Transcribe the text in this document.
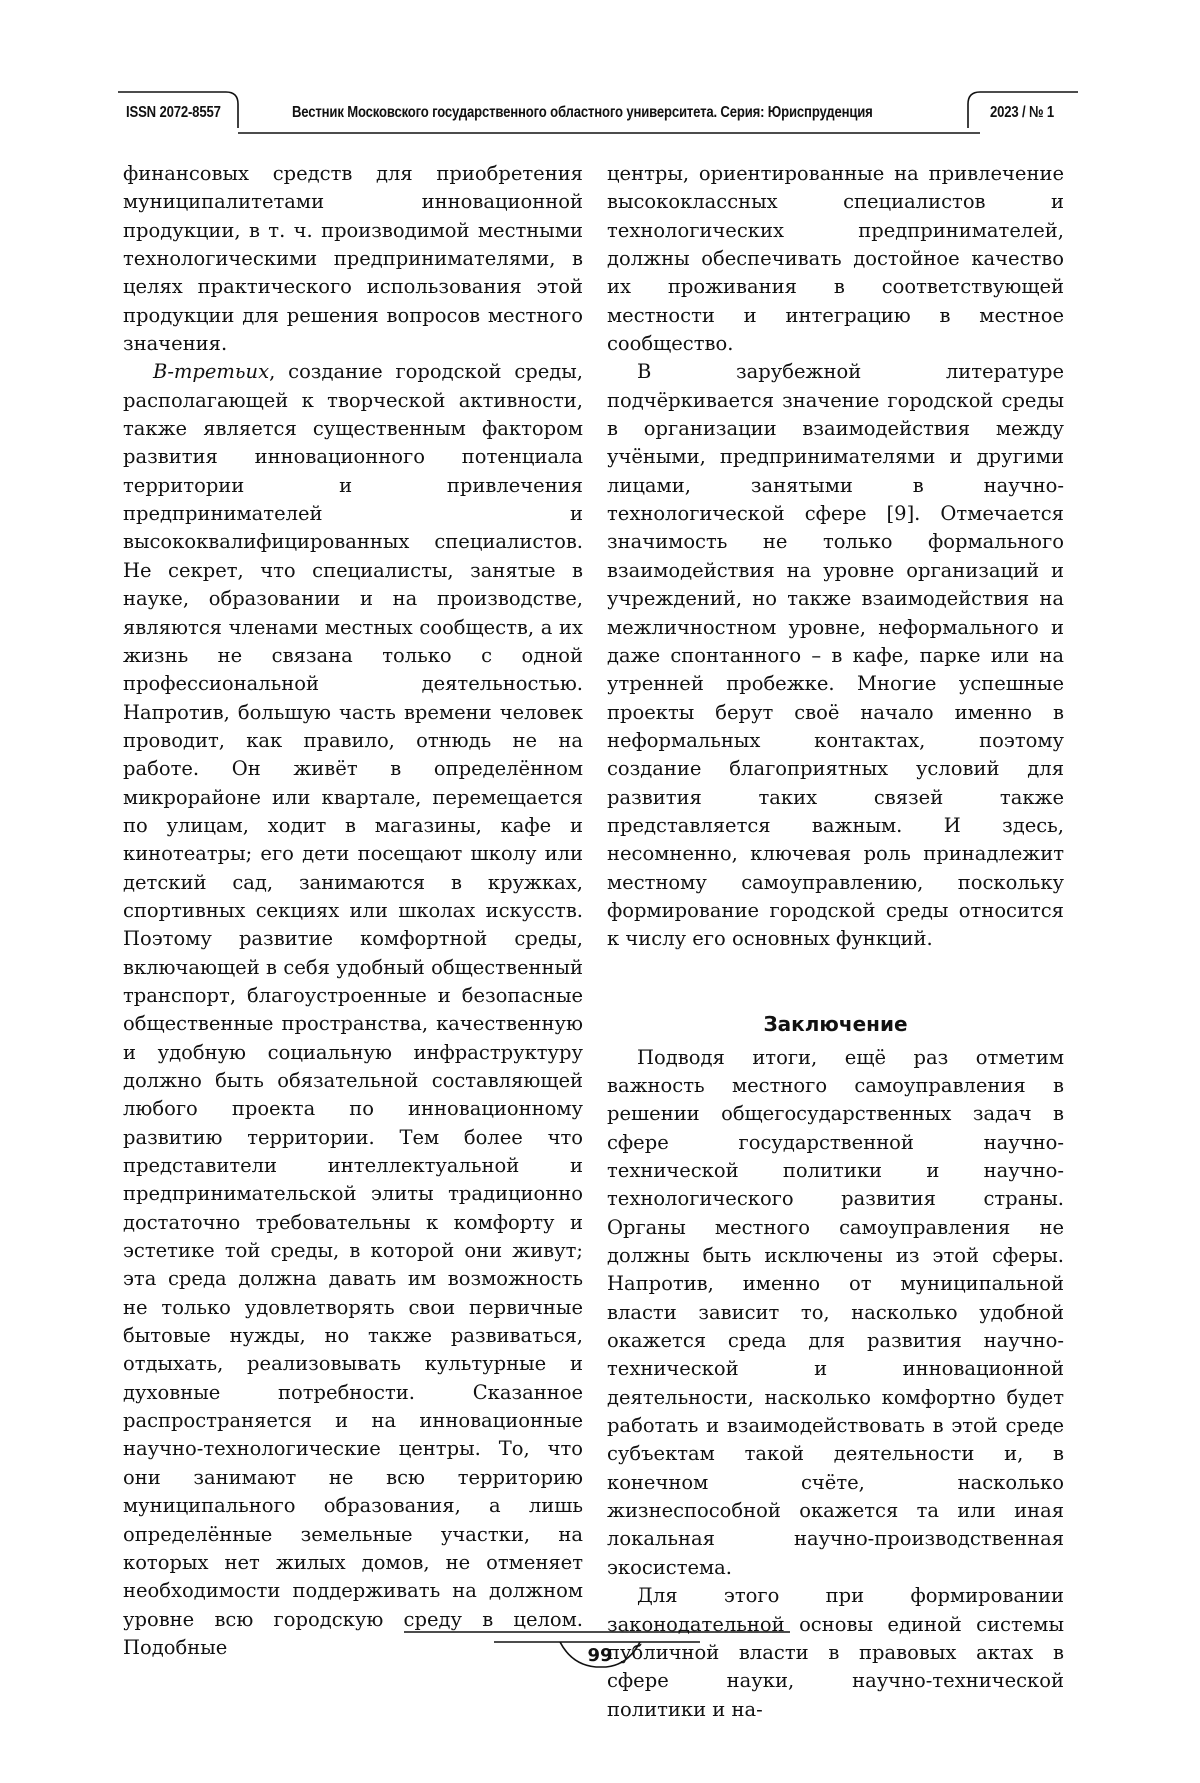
ISSN 2072-8557	Вестник Московского государственного областного университета. Серия: Юриспруденция	2023 / № 1

финансовых средств для приобретения муниципалитетами инновационной продукции, в т. ч. производимой местными технологическими предпринимателями, в целях практического использования этой продукции для решения вопросов местного значения.

В-третьих, создание городской среды, располагающей к творческой активности, также является существенным фактором развития инновационного потенциала территории и привлечения предпринимателей и высококвалифицированных специалистов. Не секрет, что специалисты, занятые в науке, образовании и на производстве, являются членами местных сообществ, а их жизнь не связана только с одной профессиональной деятельностью. Напротив, большую часть времени человек проводит, как правило, отнюдь не на работе. Он живёт в определённом микрорайоне или квартале, перемещается по улицам, ходит в магазины, кафе и кинотеатры; его дети посещают школу или детский сад, занимаются в кружках, спортивных секциях или школах искусств. Поэтому развитие комфортной среды, включающей в себя удобный общественный транспорт, благоустроенные и безопасные общественные пространства, качественную и удобную социальную инфраструктуру должно быть обязательной составляющей любого проекта по инновационному развитию территории. Тем более что представители интеллектуальной и предпринимательской элиты традиционно достаточно требовательны к комфорту и эстетике той среды, в которой они живут; эта среда должна давать им возможность не только удовлетворять свои первичные бытовые нужды, но также развиваться, отдыхать, реализовывать культурные и духовные потребности. Сказанное распространяется и на инновационные научно-технологические центры. То, что они занимают не всю территорию муниципального образования, а лишь определённые земельные участки, на которых нет жилых домов, не отменяет необходимости поддерживать на должном уровне всю городскую среду в целом. Подобные

центры, ориентированные на привлечение высококлассных специалистов и технологических предпринимателей, должны обеспечивать достойное качество их проживания в соответствующей местности и интеграцию в местное сообщество.

В зарубежной литературе подчёркивается значение городской среды в организации взаимодействия между учёными, предпринимателями и другими лицами, занятыми в научно-технологической сфере [9]. Отмечается значимость не только формального взаимодействия на уровне организаций и учреждений, но также взаимодействия на межличностном уровне, неформального и даже спонтанного – в кафе, парке или на утренней пробежке. Многие успешные проекты берут своё начало именно в неформальных контактах, поэтому создание благоприятных условий для развития таких связей также представляется важным. И здесь, несомненно, ключевая роль принадлежит местному самоуправлению, поскольку формирование городской среды относится к числу его основных функций.

Заключение

Подводя итоги, ещё раз отметим важность местного самоуправления в решении общегосударственных задач в сфере государственной научно-технической политики и научно-технологического развития страны. Органы местного самоуправления не должны быть исключены из этой сферы. Напротив, именно от муниципальной власти зависит то, насколько удобной окажется среда для развития научно-технической и инновационной деятельности, насколько комфортно будет работать и взаимодействовать в этой среде субъектам такой деятельности и, в конечном счёте, насколько жизнеспособной окажется та или иная локальная научно-производственная экосистема.

Для этого при формировании законодательной основы единой системы публичной власти в правовых актах в сфере науки, научно-технической политики и на-

99
